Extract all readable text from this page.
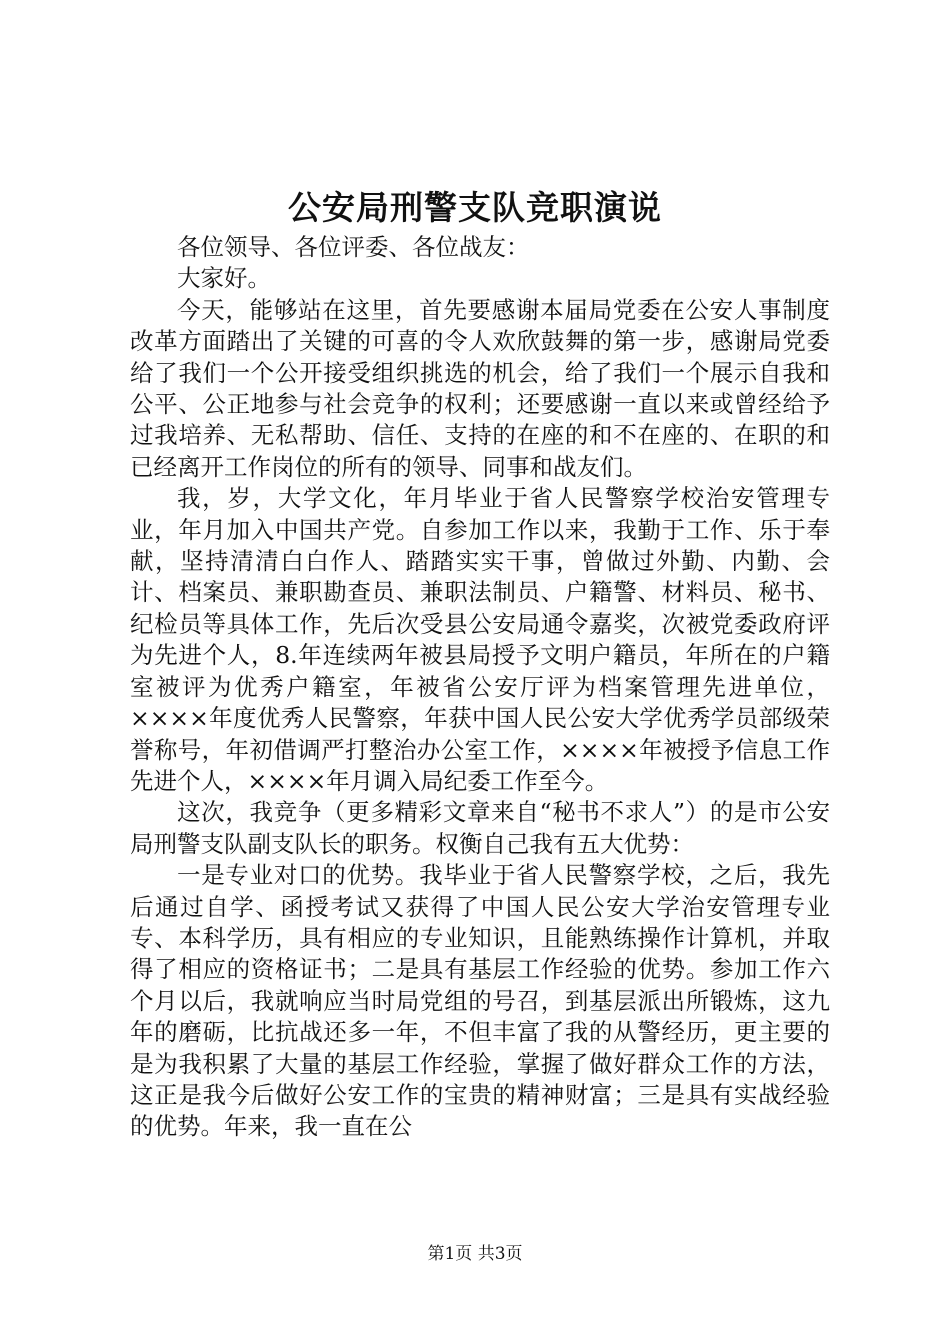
公安局刑警支队竞职演说

各位领导、各位评委、各位战友：

大家好。

今天，能够站在这里，首先要感谢本届局党委在公安人事制度改革方面踏出了关键的可喜的令人欢欣鼓舞的第一步，感谢局党委给了我们一个公开接受组织挑选的机会，给了我们一个展示自我和公平、公正地参与社会竞争的权利；还要感谢一直以来或曾经给予过我培养、无私帮助、信任、支持的在座的和不在座的、在职的和已经离开工作岗位的所有的领导、同事和战友们。

我，岁，大学文化，年月毕业于省人民警察学校治安管理专业，年月加入中国共产党。自参加工作以来，我勤于工作、乐于奉献，坚持清清白白作人、踏踏实实干事，曾做过外勤、内勤、会计、档案员、兼职勘查员、兼职法制员、户籍警、材料员、秘书、纪检员等具体工作，先后次受县公安局通令嘉奖，次被党委政府评为先进个人，8.年连续两年被县局授予文明户籍员，年所在的户籍室被评为优秀户籍室，年被省公安厅评为档案管理先进单位，××××年度优秀人民警察，年获中国人民公安大学优秀学员部级荣誉称号，年初借调严打整治办公室工作，××××年被授予信息工作先进个人，××××年月调入局纪委工作至今。

这次，我竞争（更多精彩文章来自“秘书不求人”）的是市公安局刑警支队副支队长的职务。权衡自己我有五大优势：

一是专业对口的优势。我毕业于省人民警察学校，之后，我先后通过自学、函授考试又获得了中国人民公安大学治安管理专业专、本科学历，具有相应的专业知识，且能熟练操作计算机，并取得了相应的资格证书；二是具有基层工作经验的优势。参加工作六个月以后，我就响应当时局党组的号召，到基层派出所锻炼，这九年的磨砺，比抗战还多一年，不但丰富了我的从警经历，更主要的是为我积累了大量的基层工作经验，掌握了做好群众工作的方法，这正是我今后做好公安工作的宝贵的精神财富；三是具有实战经验的优势。年来，我一直在公

第1页 共3页
